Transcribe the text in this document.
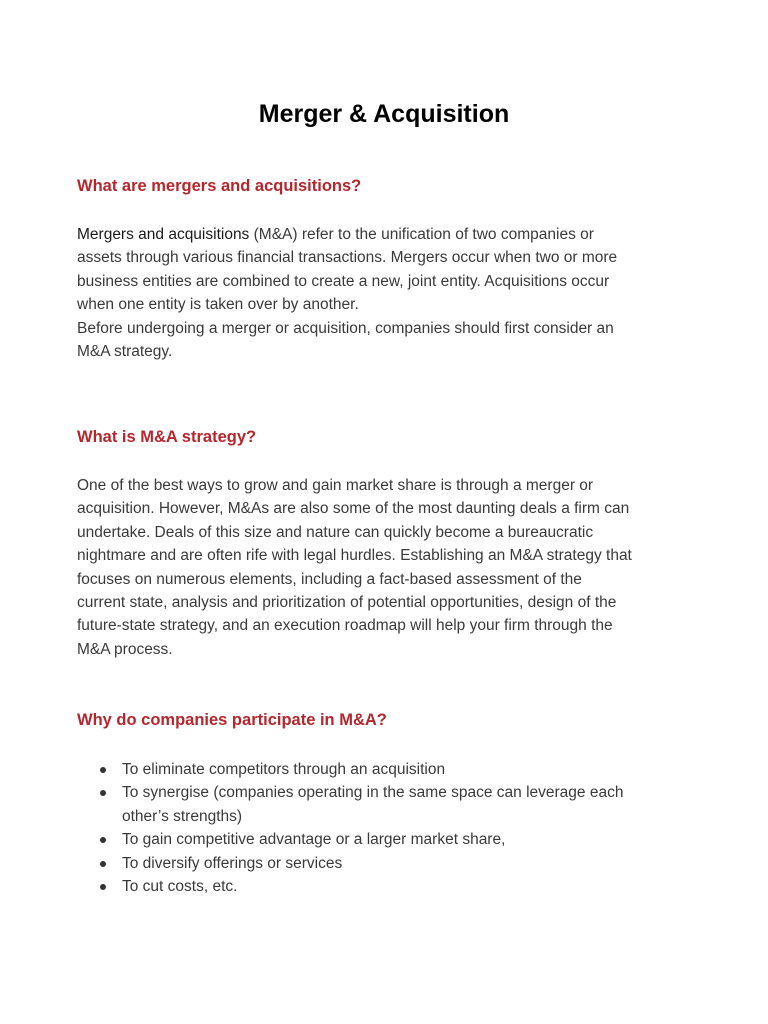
Merger & Acquisition
What are mergers and acquisitions?
Mergers and acquisitions (M&A) refer to the unification of two companies or
assets through various financial transactions. Mergers occur when two or more
business entities are combined to create a new, joint entity. Acquisitions occur
when one entity is taken over by another.
Before undergoing a merger or acquisition, companies should first consider an
M&A strategy.
What is M&A strategy?
One of the best ways to grow and gain market share is through a merger or
acquisition. However, M&As are also some of the most daunting deals a firm can
undertake. Deals of this size and nature can quickly become a bureaucratic
nightmare and are often rife with legal hurdles. Establishing an M&A strategy that
focuses on numerous elements, including a fact-based assessment of the
current state, analysis and prioritization of potential opportunities, design of the
future-state strategy, and an execution roadmap will help your firm through the
M&A process.
Why do companies participate in M&A?
To eliminate competitors through an acquisition
To synergise (companies operating in the same space can leverage each
other’s strengths)
To gain competitive advantage or a larger market share,
To diversify offerings or services
To cut costs, etc.
